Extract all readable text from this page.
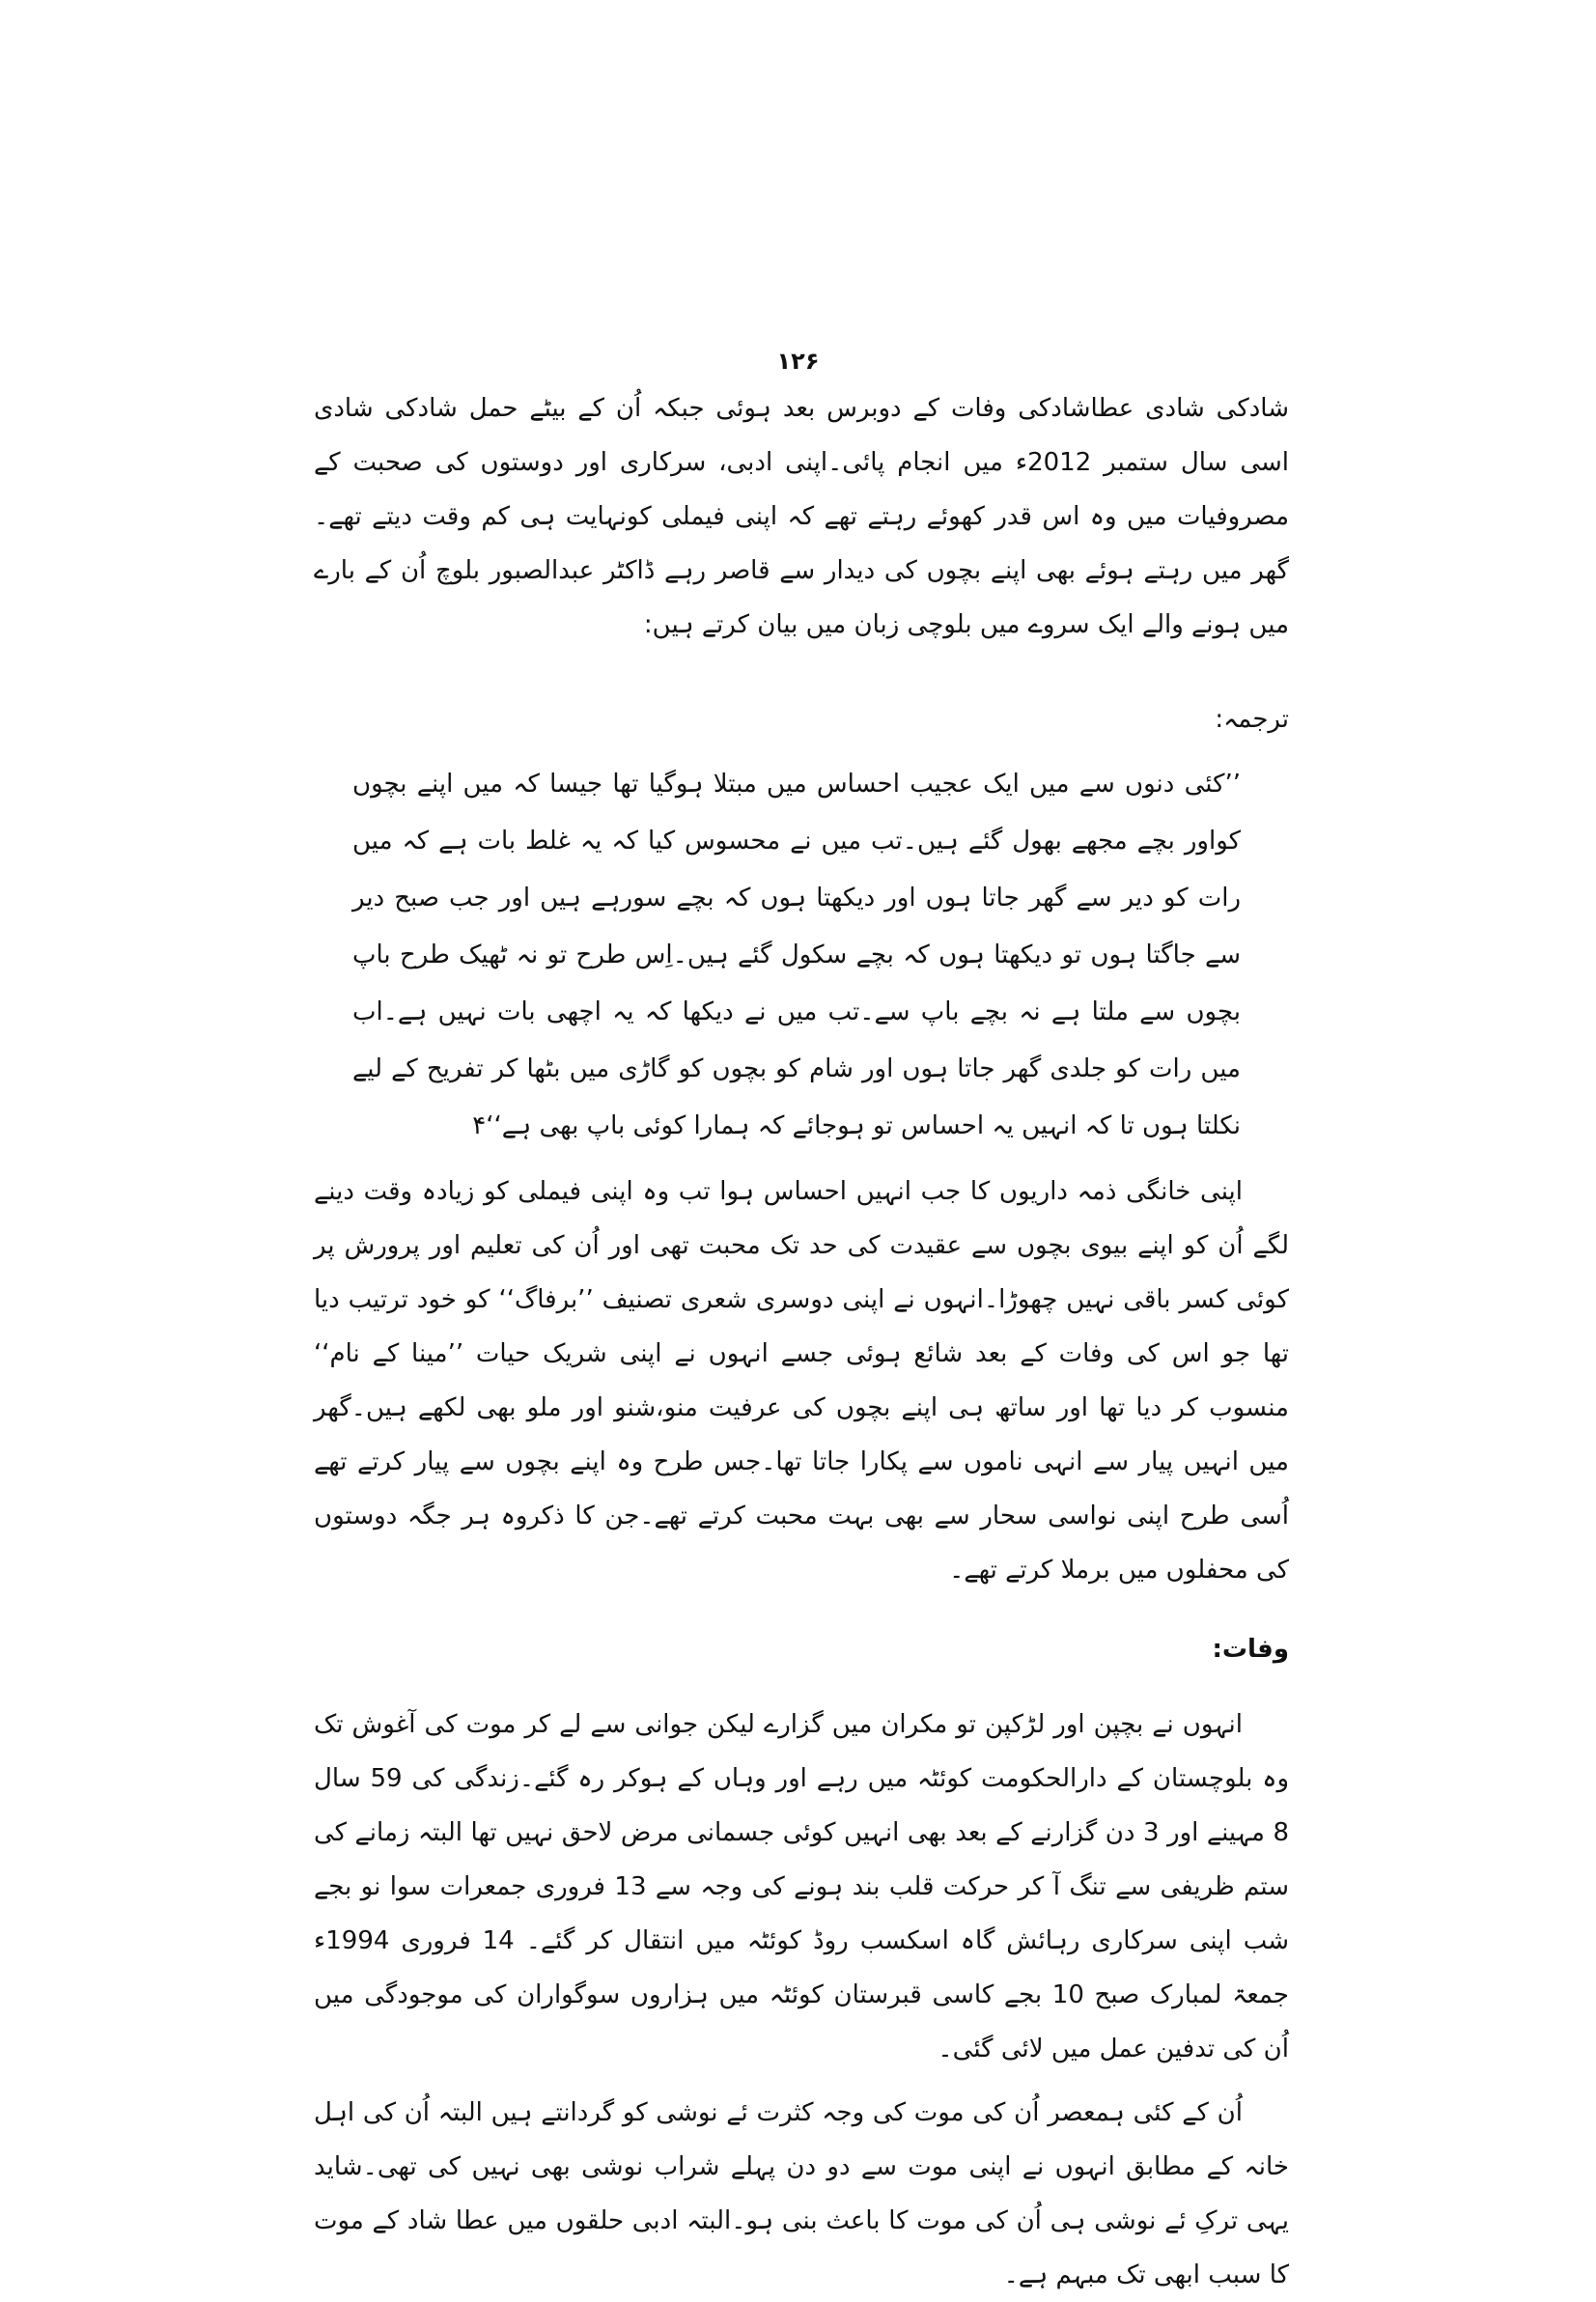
۱۲۶

شادکی شادی عطاشادکی وفات کے دوبرس بعد ہوئی جبکہ اُن کے بیٹے حمل شادکی شادی اسی سال ستمبر 2012ء میں انجام پائی۔اپنی ادبی، سرکاری اور دوستوں کی صحبت کے مصروفیات میں وہ اس قدر کھوئے رہتے تھے کہ اپنی فیملی کونہایت ہی کم وقت دیتے تھے۔ گھر میں رہتے ہوئے بھی اپنے بچوں کی دیدار سے قاصر رہے ڈاکٹر عبدالصبور بلوچ اُن کے بارے میں ہونے والے ایک سروے میں بلوچی زبان میں بیان کرتے ہیں:

ترجمہ:

’’کئی دنوں سے میں ایک عجیب احساس میں مبتلا ہوگیا تھا جیسا کہ میں اپنے بچوں کواور بچے مجھے بھول گئے ہیں۔تب میں نے محسوس کیا کہ یہ غلط بات ہے کہ میں رات کو دیر سے گھر جاتا ہوں اور دیکھتا ہوں کہ بچے سورہے ہیں اور جب صبح دیر سے جاگتا ہوں تو دیکھتا ہوں کہ بچے سکول گئے ہیں۔اِس طرح تو نہ ٹھیک طرح باپ بچوں سے ملتا ہے نہ بچے باپ سے۔تب میں نے دیکھا کہ یہ اچھی بات نہیں ہے۔اب میں رات کو جلدی گھر جاتا ہوں اور شام کو بچوں کو گاڑی میں بٹھا کر تفریح کے لیے نکلتا ہوں تا کہ انہیں یہ احساس تو ہوجائے کہ ہمارا کوئی باپ بھی ہے‘‘۴

اپنی خانگی ذمہ داریوں کا جب انہیں احساس ہوا تب وہ اپنی فیملی کو زیادہ وقت دینے لگے اُن کو اپنے بیوی بچوں سے عقیدت کی حد تک محبت تھی اور اُن کی تعلیم اور پرورش پر کوئی کسر باقی نہیں چھوڑا۔انہوں نے اپنی دوسری شعری تصنیف ’’برفاگ‘‘ کو خود ترتیب دیا تھا جو اس کی وفات کے بعد شائع ہوئی جسے انہوں نے اپنی شریک حیات ’’مینا کے نام‘‘ منسوب کر دیا تھا اور ساتھ ہی اپنے بچوں کی عرفیت منو،شنو اور ملو بھی لکھے ہیں۔گھر میں انہیں پیار سے انہی ناموں سے پکارا جاتا تھا۔جس طرح وہ اپنے بچوں سے پیار کرتے تھے اُسی طرح اپنی نواسی سحار سے بھی بہت محبت کرتے تھے۔جن کا ذکروہ ہر جگہ دوستوں کی محفلوں میں برملا کرتے تھے۔

وفات:

انہوں نے بچپن اور لڑکپن تو مکران میں گزارے لیکن جوانی سے لے کر موت کی آغوش تک وہ بلوچستان کے دارالحکومت کوئٹہ میں رہے اور وہاں کے ہوکر رہ گئے۔زندگی کی 59 سال 8 مہینے اور 3 دن گزارنے کے بعد بھی انہیں کوئی جسمانی مرض لاحق نہیں تھا البتہ زمانے کی ستم ظریفی سے تنگ آ کر حرکت قلب بند ہونے کی وجہ سے 13 فروری جمعرات سوا نو بجے شب اپنی سرکاری رہائش گاہ اسکسب روڈ کوئٹہ میں انتقال کر گئے۔ 14 فروری 1994ء جمعۃ لمبارک صبح 10 بجے کاسی قبرستان کوئٹہ میں ہزاروں سوگواران کی موجودگی میں اُن کی تدفین عمل میں لائی گئی۔

اُن کے کئی ہمعصر اُن کی موت کی وجہ کثرت ئے نوشی کو گردانتے ہیں البتہ اُن کی اہل خانہ کے مطابق انہوں نے اپنی موت سے دو دن پہلے شراب نوشی بھی نہیں کی تھی۔شاید یہی ترکِ ئے نوشی ہی اُن کی موت کا باعث بنی ہو۔البتہ ادبی حلقوں میں عطا شاد کے موت کا سبب ابھی تک مبہم ہے۔
